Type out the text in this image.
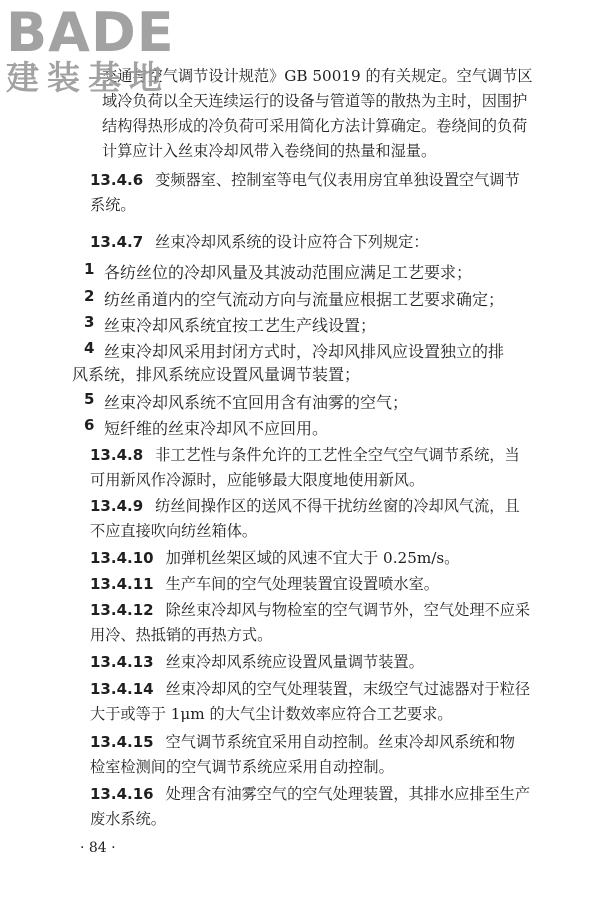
BADE
建装基地
交通与空气调节设计规范》GB 50019 的有关规定。空气调节区
域冷负荷以全天连续运行的设备与管道等的散热为主时，因围护
结构得热形成的冷负荷可采用简化方法计算确定。卷绕间的负荷
计算应计入丝束冷却风带入卷绕间的热量和湿量。
13.4.6 变频器室、控制室等电气仪表用房宜单独设置空气调节
系统。
13.4.7 丝束冷却风系统的设计应符合下列规定：
1 各纺丝位的冷却风量及其波动范围应满足工艺要求；
2 纺丝甬道内的空气流动方向与流量应根据工艺要求确定；
3 丝束冷却风系统宜按工艺生产线设置；
4 丝束冷却风采用封闭方式时，冷却风排风应设置独立的排
风系统，排风系统应设置风量调节装置；
5 丝束冷却风系统不宜回用含有油雾的空气；
6 短纤维的丝束冷却风不应回用。
13.4.8 非工艺性与条件允许的工艺性全空气空气调节系统，当
可用新风作冷源时，应能够最大限度地使用新风。
13.4.9 纺丝间操作区的送风不得干扰纺丝窗的冷却风气流，且
不应直接吹向纺丝箱体。
13.4.10 加弹机丝架区域的风速不宜大于 0.25m/s。
13.4.11 生产车间的空气处理装置宜设置喷水室。
13.4.12 除丝束冷却风与物检室的空气调节外，空气处理不应采
用冷、热抵销的再热方式。
13.4.13 丝束冷却风系统应设置风量调节装置。
13.4.14 丝束冷却风的空气处理装置，末级空气过滤器对于粒径
大于或等于 1μm 的大气尘计数效率应符合工艺要求。
13.4.15 空气调节系统宜采用自动控制。丝束冷却风系统和物
检室检测间的空气调节系统应采用自动控制。
13.4.16 处理含有油雾空气的空气处理装置，其排水应排至生产
废水系统。
· 84 ·
